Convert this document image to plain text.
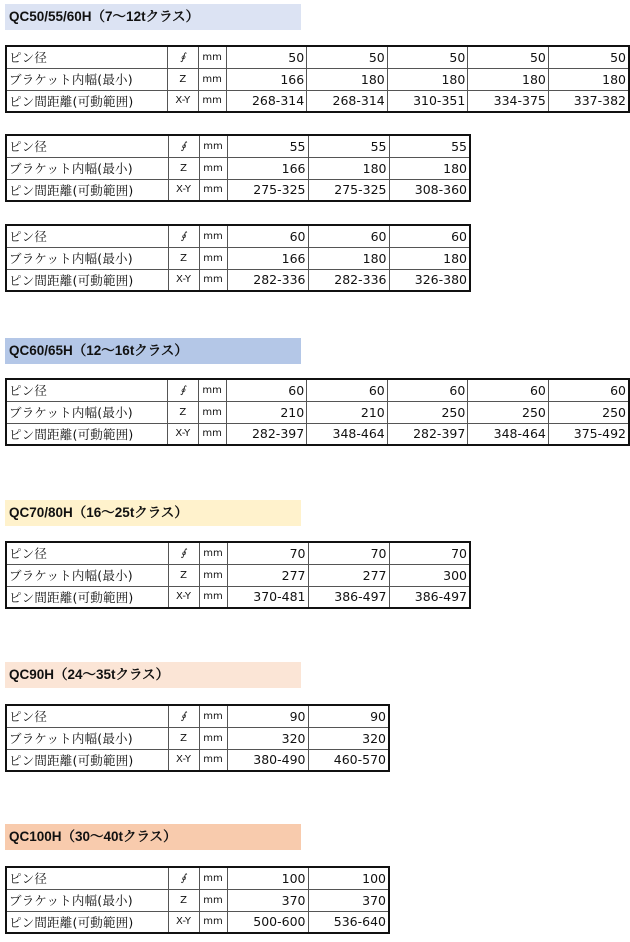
QC50/55/60H（7～12tクラス）
ピン径	∮	mm	50	50	50	50	50
ブラケット内幅(最小)	Z	mm	166	180	180	180	180
ピン間距離(可動範囲)	X-Y	mm	268-314	268-314	310-351	334-375	337-382
ピン径	∮	mm	55	55	55
ブラケット内幅(最小)	Z	mm	166	180	180
ピン間距離(可動範囲)	X-Y	mm	275-325	275-325	308-360
ピン径	∮	mm	60	60	60
ブラケット内幅(最小)	Z	mm	166	180	180
ピン間距離(可動範囲)	X-Y	mm	282-336	282-336	326-380
QC60/65H（12～16tクラス）
ピン径	∮	mm	60	60	60	60	60
ブラケット内幅(最小)	Z	mm	210	210	250	250	250
ピン間距離(可動範囲)	X-Y	mm	282-397	348-464	282-397	348-464	375-492
QC70/80H（16～25tクラス）
ピン径	∮	mm	70	70	70
ブラケット内幅(最小)	Z	mm	277	277	300
ピン間距離(可動範囲)	X-Y	mm	370-481	386-497	386-497
QC90H（24～35tクラス）
ピン径	∮	mm	90	90
ブラケット内幅(最小)	Z	mm	320	320
ピン間距離(可動範囲)	X-Y	mm	380-490	460-570
QC100H（30～40tクラス）
ピン径	∮	mm	100	100
ブラケット内幅(最小)	Z	mm	370	370
ピン間距離(可動範囲)	X-Y	mm	500-600	536-640
